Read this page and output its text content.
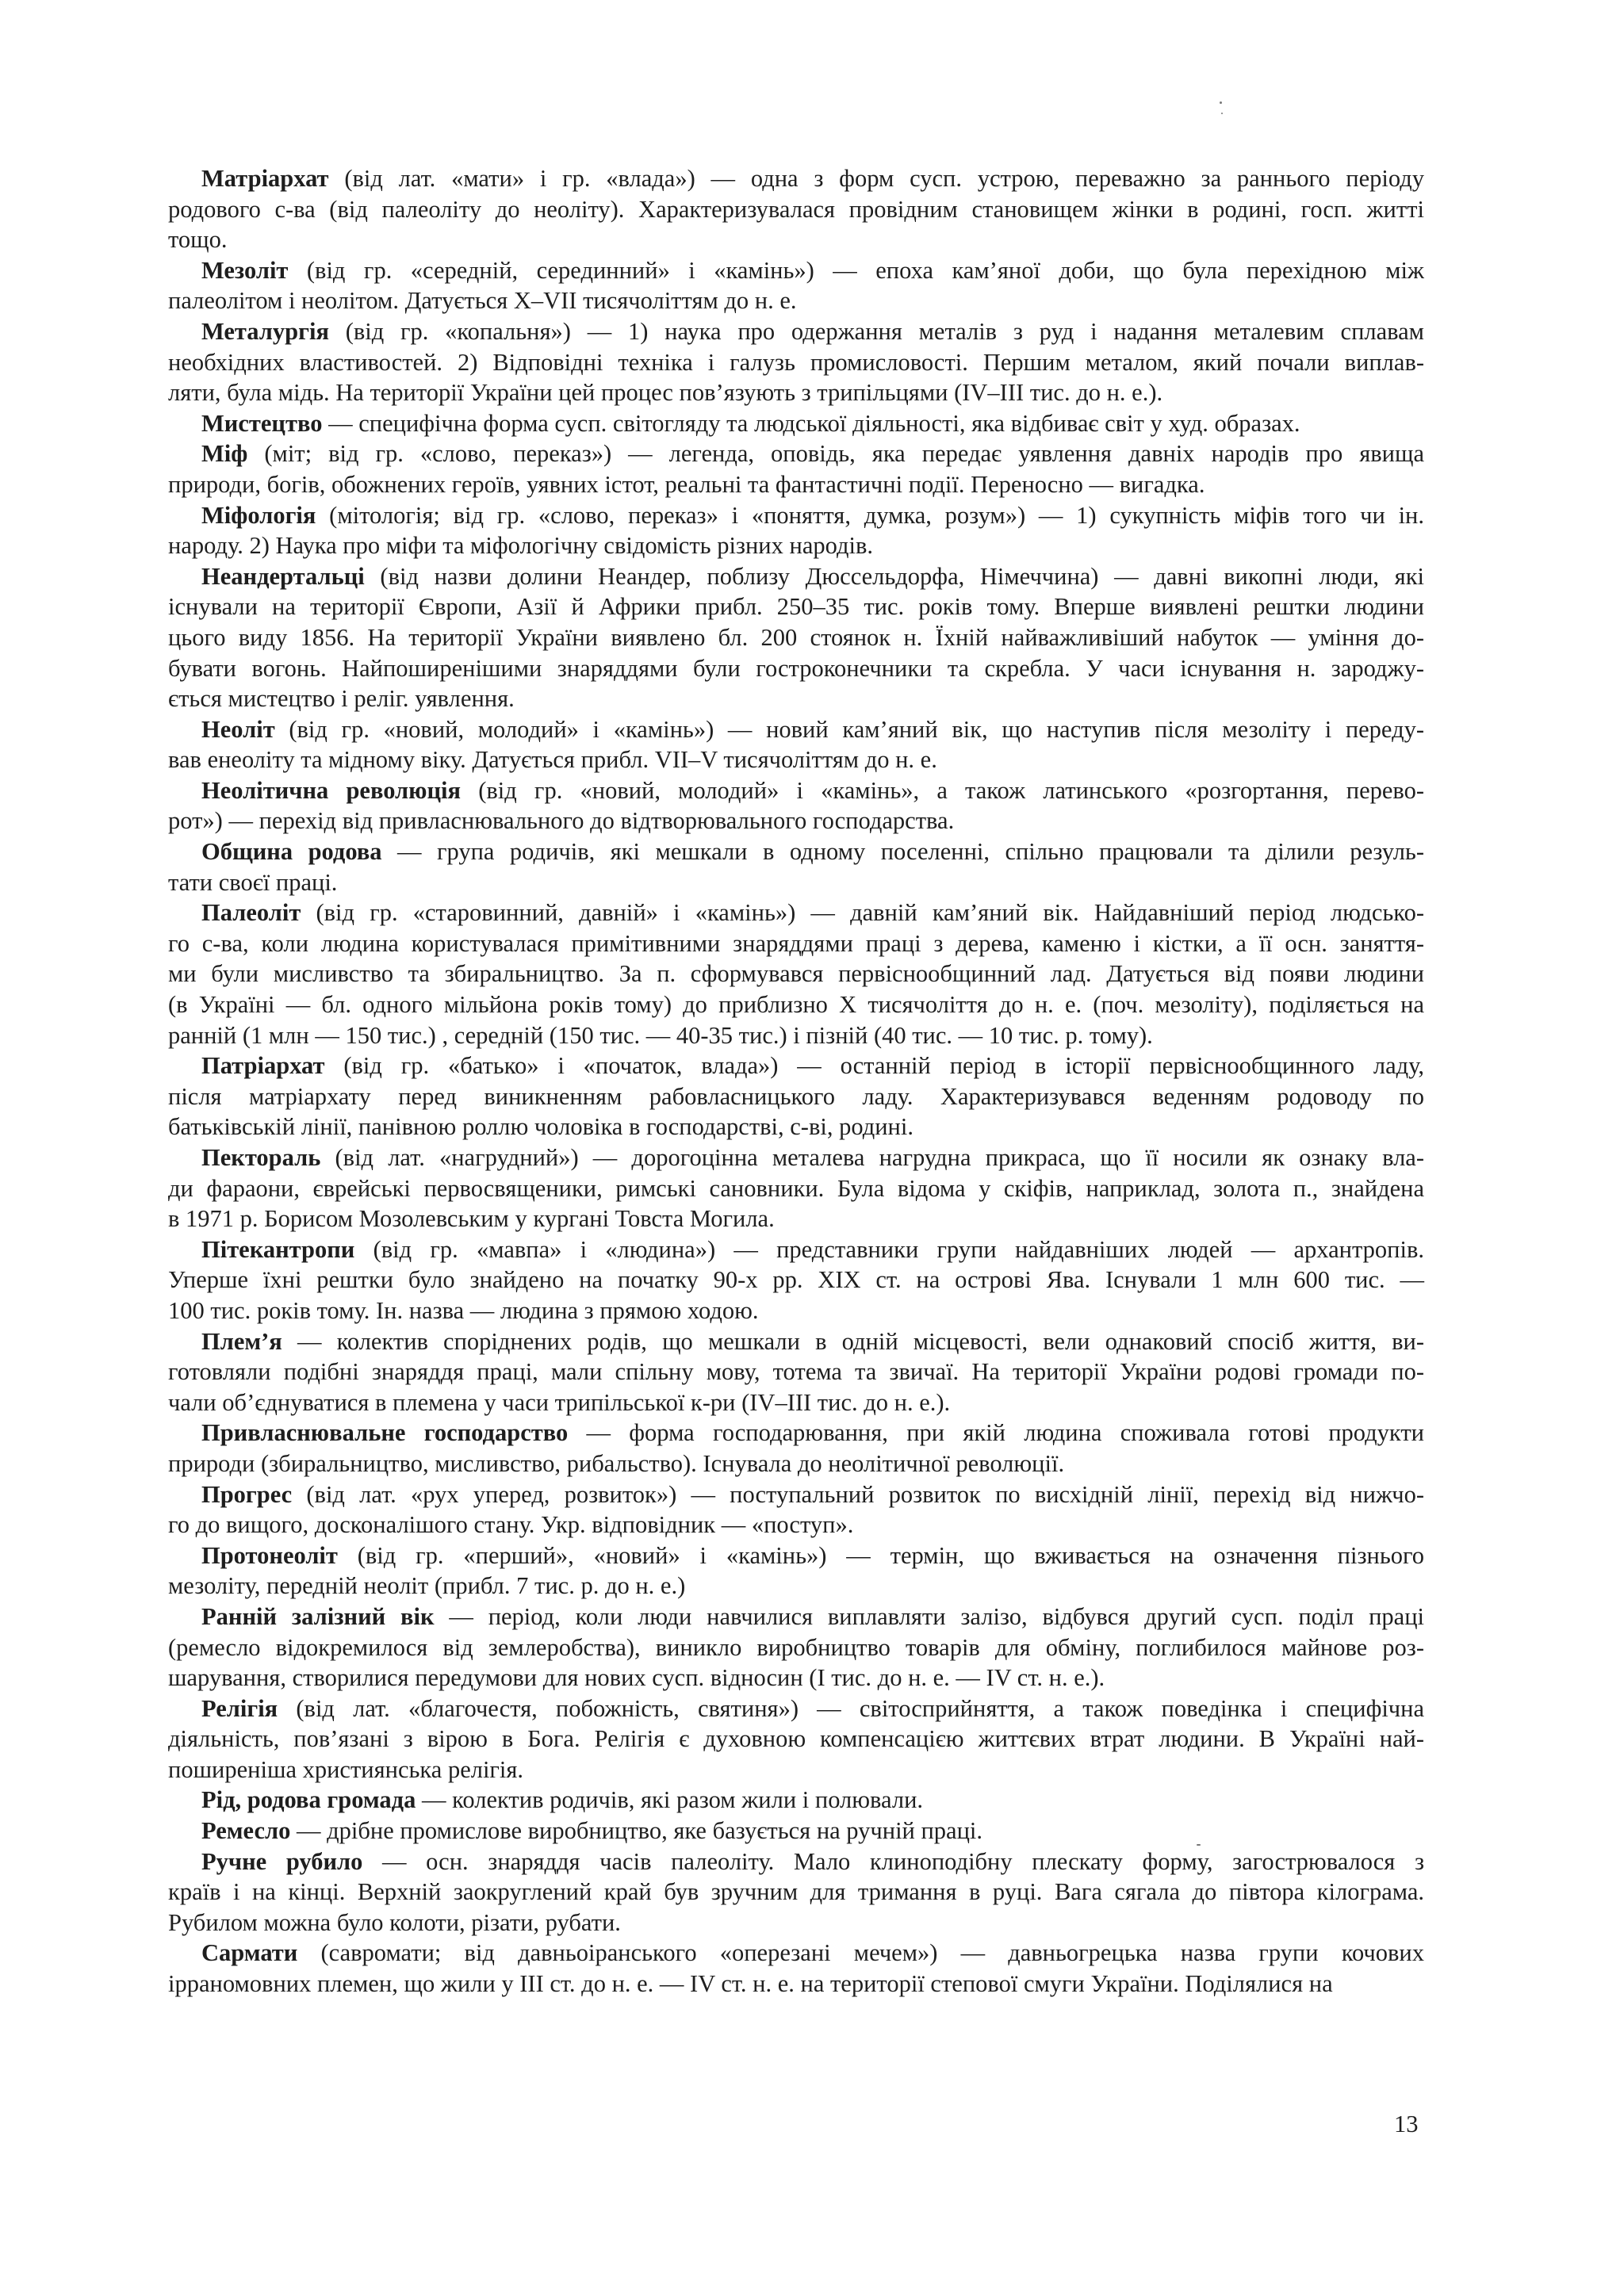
Матріархат (від лат. «мати» і гр. «влада») — одна з форм сусп. устрою, переважно за раннього періоду
родового с-ва (від палеоліту до неоліту). Характеризувалася провідним становищем жінки в родині, госп. житті
тощо.
Мезоліт (від гр. «середній, серединний» і «камінь») — епоха кам’яної доби, що була перехідною між
палеолітом і неолітом. Датується X–VII тисячоліттям до н. е.
Металургія (від гр. «копальня») — 1) наука про одержання металів з руд і надання металевим сплавам
необхідних властивостей. 2) Відповідні техніка і галузь промисловості. Першим металом, який почали виплав-
ляти, була мідь. На території України цей процес пов’язують з трипільцями (IV–III тис. до н. е.).
Мистецтво — специфічна форма сусп. світогляду та людської діяльності, яка відбиває світ у худ. образах.
Міф (міт; від гр. «слово, переказ») — легенда, оповідь, яка передає уявлення давніх народів про явища
природи, богів, обожнених героїв, уявних істот, реальні та фантастичні події. Переносно — вигадка.
Міфологія (мітологія; від гр. «слово, переказ» і «поняття, думка, розум») — 1) сукупність міфів того чи ін.
народу. 2) Наука про міфи та міфологічну свідомість різних народів.
Неандертальці (від назви долини Неандер, поблизу Дюссельдорфа, Німеччина) — давні викопні люди, які
існували на території Європи, Азії й Африки прибл. 250–35 тис. років тому. Вперше виявлені рештки людини
цього виду 1856. На території України виявлено бл. 200 стоянок н. Їхній найважливіший набуток — уміння до-
бувати вогонь. Найпоширенішими знаряддями були гостроконечники та скребла. У часи існування н. зароджу-
ється мистецтво і реліг. уявлення.
Неоліт (від гр. «новий, молодий» і «камінь») — новий кам’яний вік, що наступив після мезоліту і переду-
вав енеоліту та мідному віку. Датується прибл. VII–V тисячоліттям до н. е.
Неолітична революція (від гр. «новий, молодий» і «камінь», а також латинського «розгортання, перево-
рот») — перехід від привласнювального до відтворювального господарства.
Община родова — група родичів, які мешкали в одному поселенні, спільно працювали та ділили резуль-
тати своєї праці.
Палеоліт (від гр. «старовинний, давній» і «камінь») — давній кам’яний вік. Найдавніший період людсько-
го с-ва, коли людина користувалася примітивними знаряддями праці з дерева, каменю і кістки, а її осн. заняття-
ми були мисливство та збиральництво. За п. сформувався первіснообщинний лад. Датується від появи людини
(в Україні — бл. одного мільйона років тому) до приблизно X тисячоліття до н. е. (поч. мезоліту), поділяється на
ранній (1 млн — 150 тис.) , середній (150 тис. — 40-35 тис.) і пізній (40 тис. — 10 тис. р. тому).
Патріархат (від гр. «батько» і «початок, влада») — останній період в історії первіснообщинного ладу,
після матріархату перед виникненням рабовласницького ладу. Характеризувався веденням родоводу по
батьківській лінії, панівною роллю чоловіка в господарстві, с-ві, родині.
Пектораль (від лат. «нагрудний») — дорогоцінна металева нагрудна прикраса, що її носили як ознаку вла-
ди фараони, єврейські первосвященики, римські сановники. Була відома у скіфів, наприклад, золота п., знайдена
в 1971 р. Борисом Мозолевським у кургані Товста Могила.
Пітекантропи (від гр. «мавпа» і «людина») — представники групи найдавніших людей — архантропів.
Уперше їхні рештки було знайдено на початку 90-х рр. XIX ст. на острові Ява. Існували 1 млн 600 тис. —
100 тис. років тому. Ін. назва — людина з прямою ходою.
Плем’я — колектив споріднених родів, що мешкали в одній місцевості, вели однаковий спосіб життя, ви-
готовляли подібні знаряддя праці, мали спільну мову, тотема та звичаї. На території України родові громади по-
чали об’єднуватися в племена у часи трипільської к-ри (IV–III тис. до н. е.).
Привласнювальне господарство — форма господарювання, при якій людина споживала готові продукти
природи (збиральництво, мисливство, рибальство). Існувала до неолітичної революції.
Прогрес (від лат. «рух уперед, розвиток») — поступальний розвиток по висхідній лінії, перехід від нижчо-
го до вищого, досконалішого стану. Укр. відповідник — «поступ».
Протонеоліт (від гр. «перший», «новий» і «камінь») — термін, що вживається на означення пізнього
мезоліту, передній неоліт (прибл. 7 тис. р. до н. е.)
Ранній залізний вік — період, коли люди навчилися виплавляти залізо, відбувся другий сусп. поділ праці
(ремесло відокремилося від землеробства), виникло виробництво товарів для обміну, поглибилося майнове роз-
шарування, створилися передумови для нових сусп. відносин (I тис. до н. е. — IV ст. н. е.).
Релігія (від лат. «благочестя, побожність, святиня») — світосприйняття, а також поведінка і специфічна
діяльність, пов’язані з вірою в Бога. Релігія є духовною компенсацією життєвих втрат людини. В Україні най-
поширеніша християнська релігія.
Рід, родова громада — колектив родичів, які разом жили і полювали.
Ремесло — дрібне промислове виробництво, яке базується на ручній праці.
Ручне рубило — осн. знаряддя часів палеоліту. Мало клиноподібну плескату форму, загострювалося з
країв і на кінці. Верхній заокруглений край був зручним для тримання в руці. Вага сягала до півтора кілограма.
Рубилом можна було колоти, різати, рубати.
Сармати (савромати; від давньоіранського «оперезані мечем») — давньогрецька назва групи кочових
ірраномовних племен, що жили у III ст. до н. е. — IV ст. н. е. на території степової смуги України. Поділялися на
13
